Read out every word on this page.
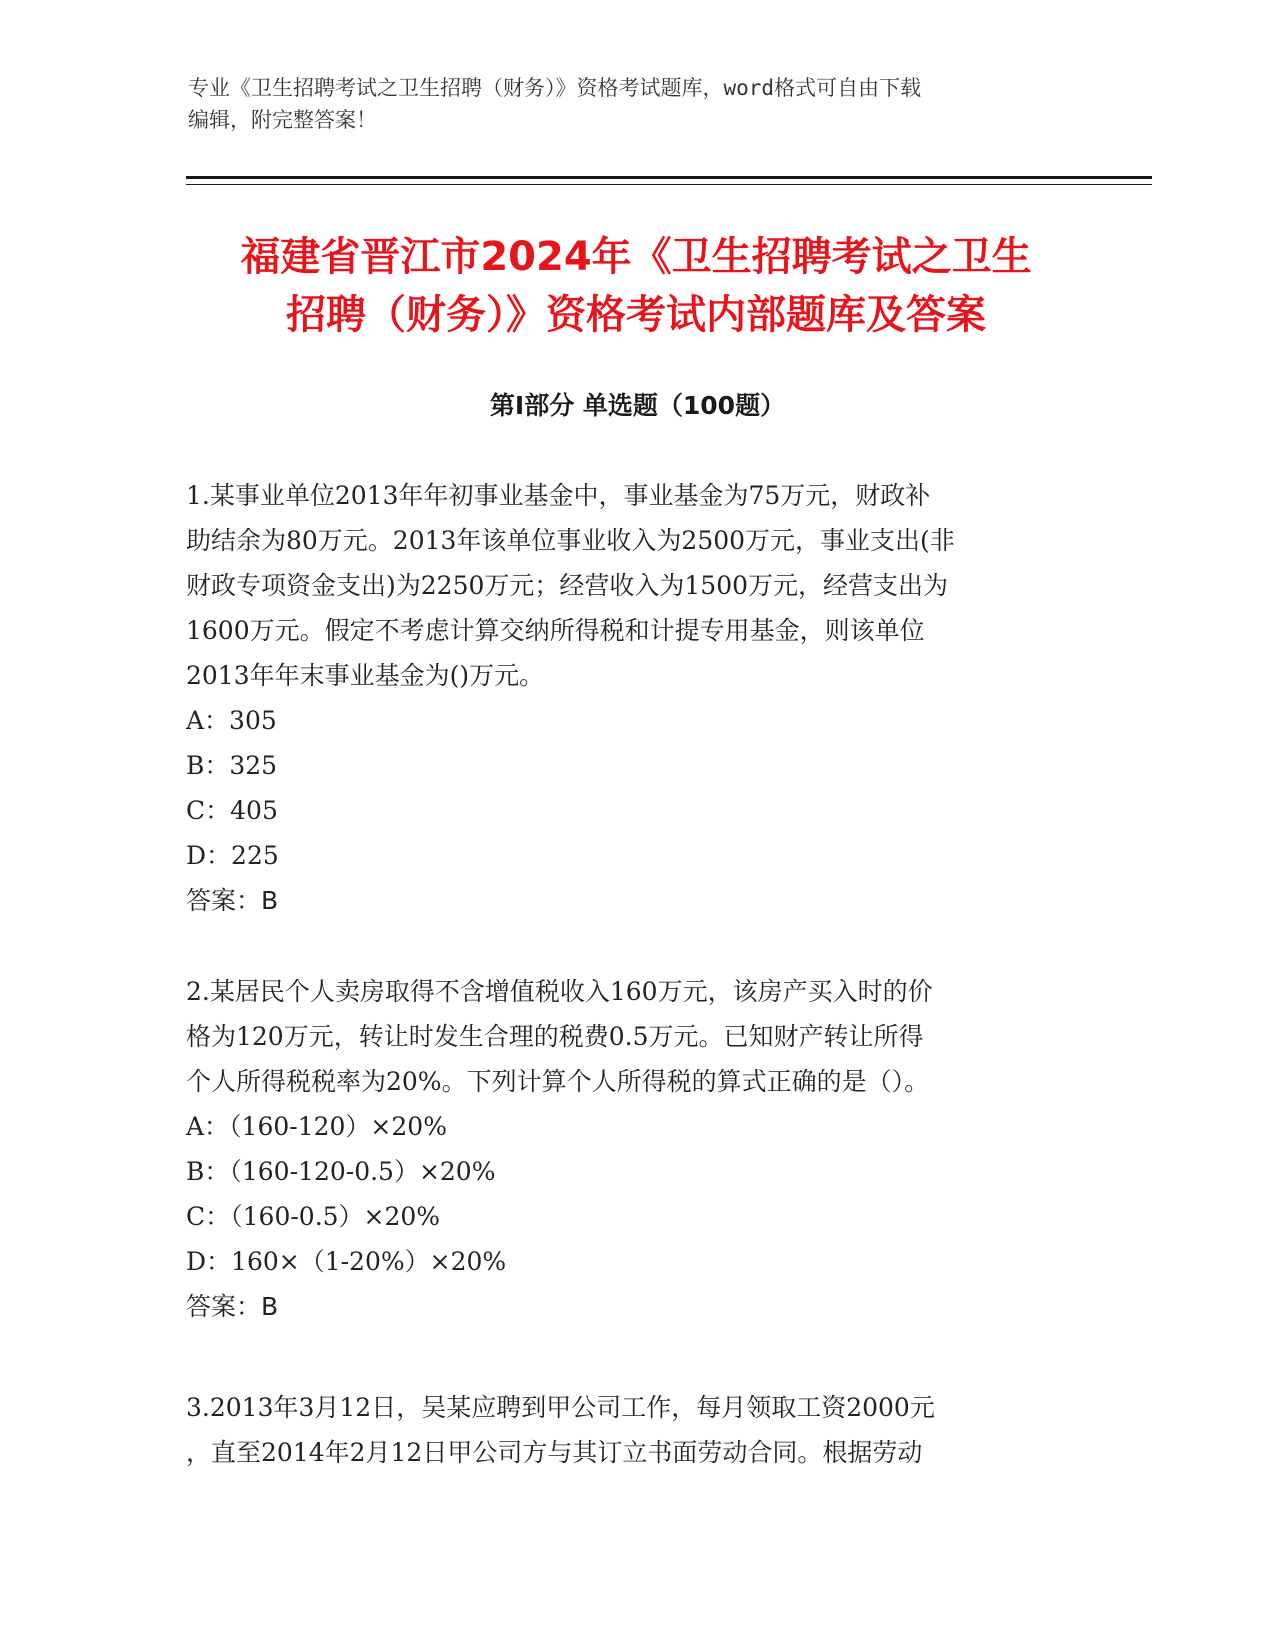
专业《卫生招聘考试之卫生招聘（财务）》资格考试题库，word格式可自由下载
编辑，附完整答案！
福建省晋江市2024年《卫生招聘考试之卫生
招聘（财务）》资格考试内部题库及答案
第Ⅰ部分 单选题（100题）
1.某事业单位2013年年初事业基金中，事业基金为75万元，财政补
助结余为80万元。2013年该单位事业收入为2500万元，事业支出(非
财政专项资金支出)为2250万元；经营收入为1500万元，经营支出为
1600万元。假定不考虑计算交纳所得税和计提专用基金，则该单位
2013年年末事业基金为()万元。
A：305
B：325
C：405
D：225
答案：B
2.某居民个人卖房取得不含增值税收入160万元，该房产买入时的价
格为120万元，转让时发生合理的税费0.5万元。已知财产转让所得
个人所得税税率为20%。下列计算个人所得税的算式正确的是（）。
A：（160-120）×20%
B：（160-120-0.5）×20%
C：（160-0.5）×20%
D：160×（1-20%）×20%
答案：B
3.2013年3月12日，吴某应聘到甲公司工作，每月领取工资2000元
，直至2014年2月12日甲公司方与其订立书面劳动合同。根据劳动
